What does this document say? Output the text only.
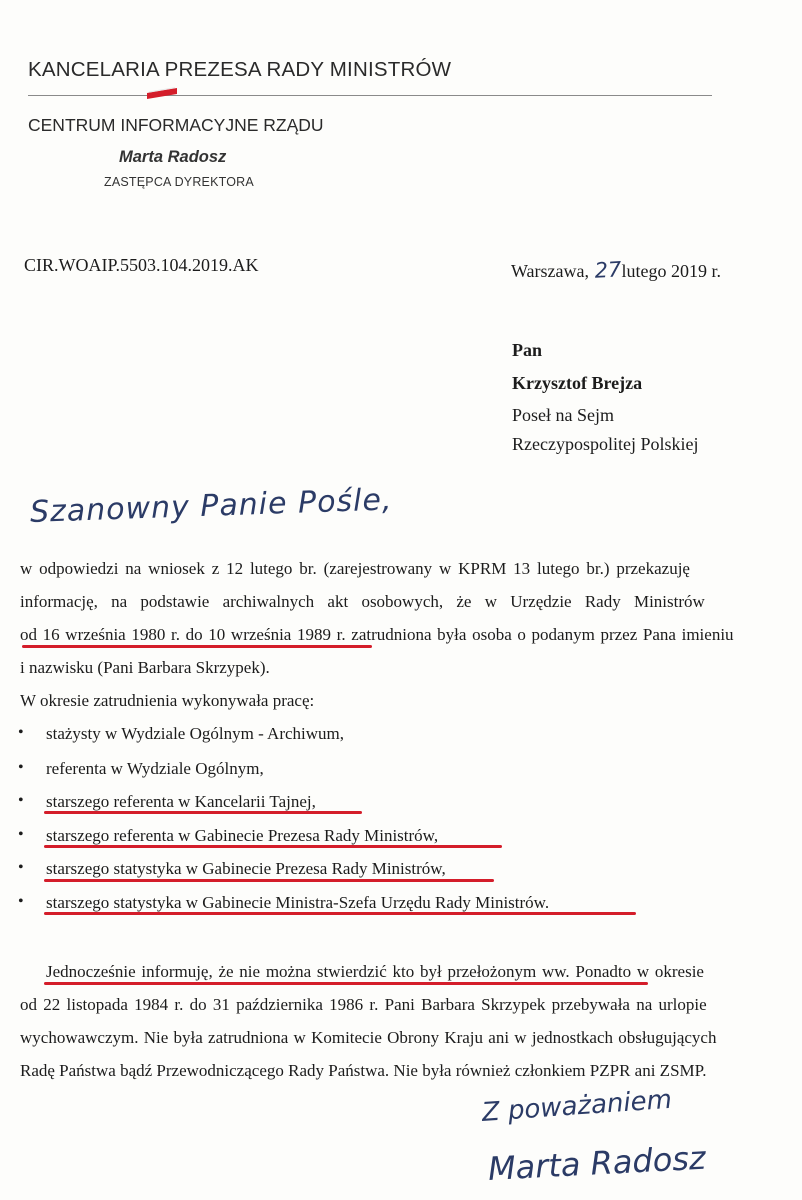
KANCELARIA PREZESA RADY MINISTRÓW
CENTRUM INFORMACYJNE RZĄDU
Marta Radosz
ZASTĘPCA DYREKTORA
CIR.WOAIP.5503.104.2019.AK	Warszawa, 27lutego 2019 r.
Pan
Krzysztof Brejza
Poseł na Sejm
Rzeczypospolitej Polskiej
Szanowny Panie Pośle,
w odpowiedzi na wniosek z 12 lutego br. (zarejestrowany w KPRM 13 lutego br.) przekazuję
informację, na podstawie archiwalnych akt osobowych, że w Urzędzie Rady Ministrów
od 16 września 1980 r. do 10 września 1989 r. zatrudniona była osoba o podanym przez Pana imieniu
i nazwisku (Pani Barbara Skrzypek).
W okresie zatrudnienia wykonywała pracę:
• stażysty w Wydziale Ogólnym - Archiwum,
• referenta w Wydziale Ogólnym,
• starszego referenta w Kancelarii Tajnej,
• starszego referenta w Gabinecie Prezesa Rady Ministrów,
• starszego statystyka w Gabinecie Prezesa Rady Ministrów,
• starszego statystyka w Gabinecie Ministra-Szefa Urzędu Rady Ministrów.
Jednocześnie informuję, że nie można stwierdzić kto był przełożonym ww. Ponadto w okresie
od 22 listopada 1984 r. do 31 października 1986 r. Pani Barbara Skrzypek przebywała na urlopie
wychowawczym. Nie była zatrudniona w Komitecie Obrony Kraju ani w jednostkach obsługujących
Radę Państwa bądź Przewodniczącego Rady Państwa. Nie była również członkiem PZPR ani ZSMP.
Z poważaniem
Marta Radosz
